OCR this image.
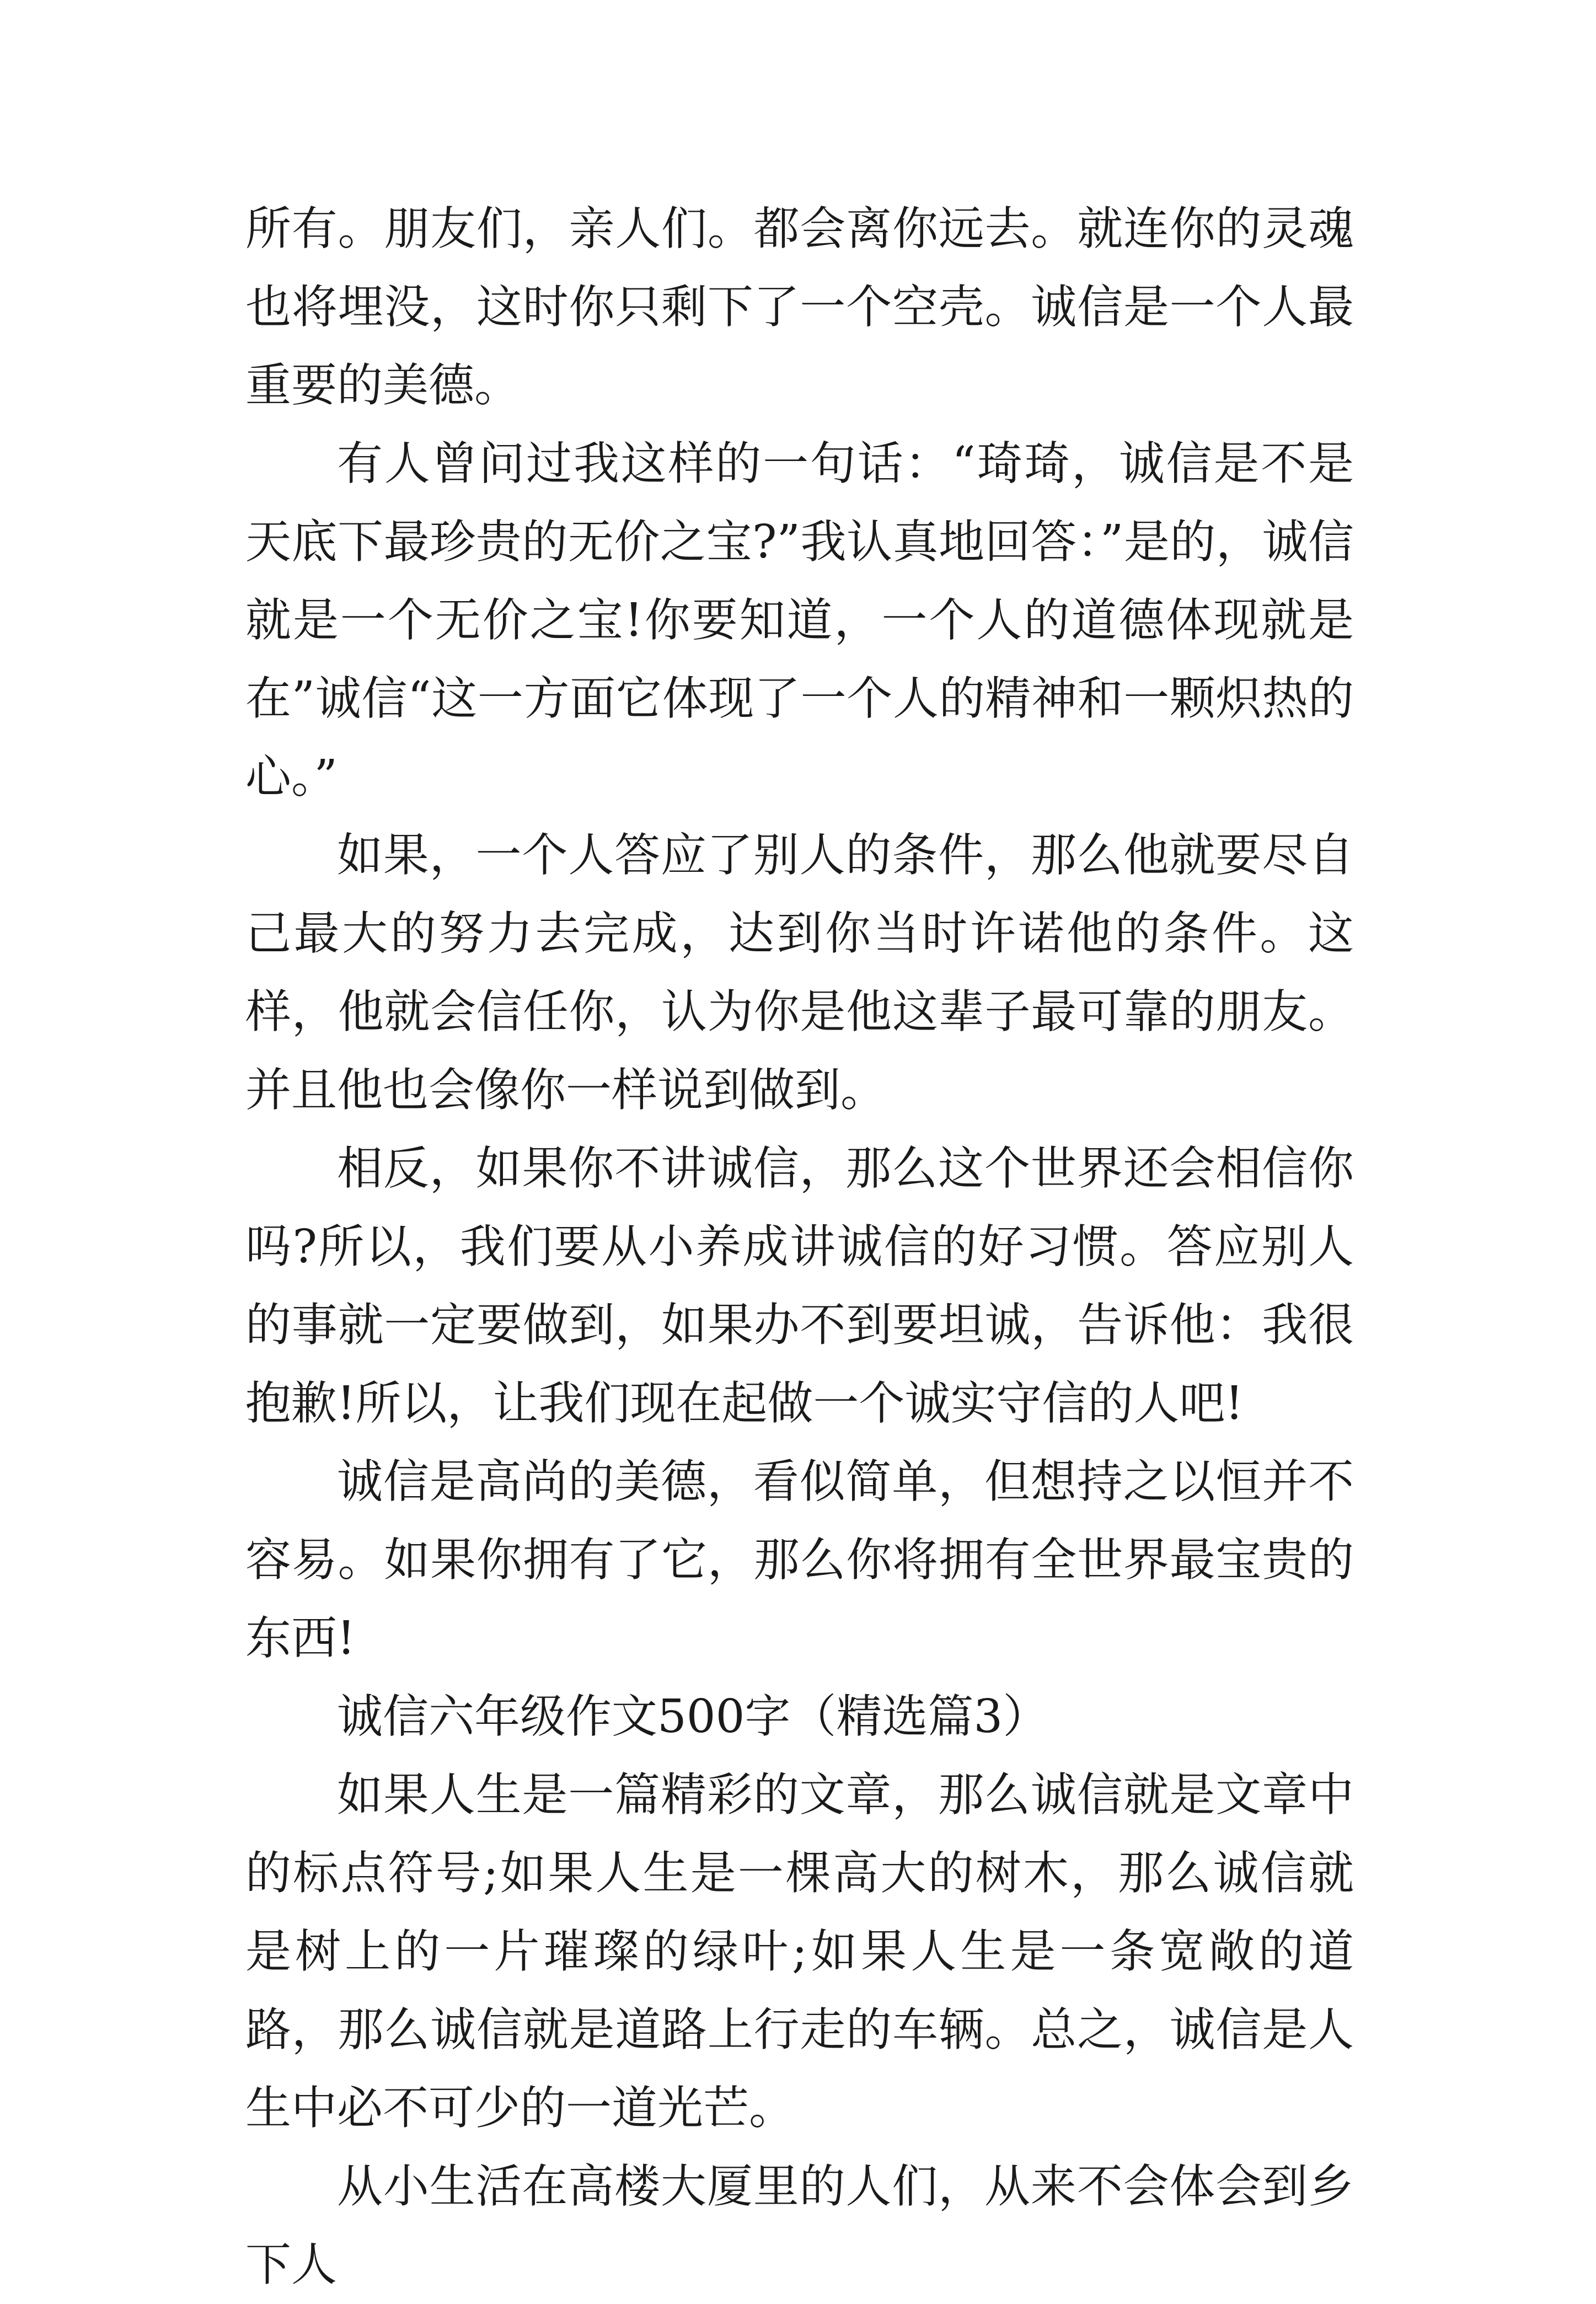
所有。朋友们，亲人们。都会离你远去。就连你的灵魂也将埋没，这时你只剩下了一个空壳。诚信是一个人最重要的美德。

有人曾问过我这样的一句话：“琦琦，诚信是不是天底下最珍贵的无价之宝?”我认真地回答：”是的，诚信就是一个无价之宝!你要知道，一个人的道德体现就是在”诚信“这一方面它体现了一个人的精神和一颗炽热的心。”

如果，一个人答应了别人的条件，那么他就要尽自己最大的努力去完成，达到你当时许诺他的条件。这样，他就会信任你，认为你是他这辈子最可靠的朋友。并且他也会像你一样说到做到。

相反，如果你不讲诚信，那么这个世界还会相信你吗?所以，我们要从小养成讲诚信的好习惯。答应别人的事就一定要做到，如果办不到要坦诚，告诉他：我很抱歉!所以，让我们现在起做一个诚实守信的人吧!

诚信是高尚的美德，看似简单，但想持之以恒并不容易。如果你拥有了它，那么你将拥有全世界最宝贵的东西!

诚信六年级作文500字（精选篇3）

如果人生是一篇精彩的文章，那么诚信就是文章中的标点符号;如果人生是一棵高大的树木，那么诚信就是树上的一片璀璨的绿叶;如果人生是一条宽敞的道路，那么诚信就是道路上行走的车辆。总之，诚信是人生中必不可少的一道光芒。

从小生活在高楼大厦里的人们，从来不会体会到乡下人
